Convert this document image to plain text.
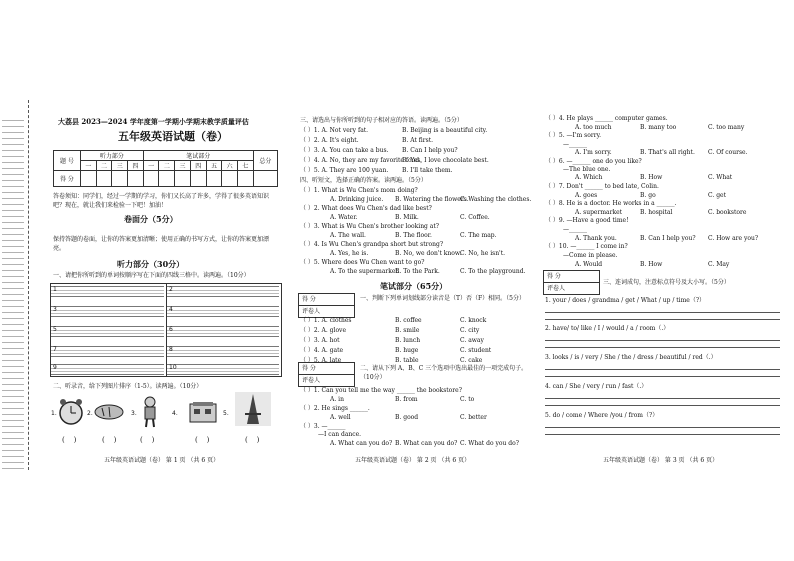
大荔县 2023—2024 学年度第一学期小学期末教学质量评估
五年级英语试题（卷）
题 号	听力部分				笔试部分							总分
	一	二	三	四	一	二	三	四	五	六	七	
得 分												
答卷须知：同学们，经过一学期的学习，你们又长高了许多，学得了很多英语知识吧？现在，就让我们来检验一下吧！加油！
卷面分（5分）
保持答题的卷面，让你的答案更加清晰；使用正确的书写方式，让你的答案更加漂亮。
听力部分（30分）
一、请把你所听到的单词按顺序写在下面的四线三格中。读两遍。（10分）
1	2
3	4
5	6
7	8
9	10
二、听录音，给下列图片排序（1-5）。读两遍。（10分）
1.	2.	3.	4.	5.
(    )	(    )	(    )	(    )	(    )
五年级英语试题（卷） 第 1 页 （共 6 页）
三、请选出与你所听到的句子相对应的答语。读两遍。（5分）
（ ）1. A. Not very fat.	B. Beijing is a beautiful city.
（ ）2. A. It's eight.	B. At first.
（ ）3. A. You can take a bus. B. Can I help you?
（ ）4. A. No, they are my favorite food.
B. Yes, I love chocolate best.
（ ）5. A. They are 100 yuan. B. I'll take them.
四、听短文，选择正确的答案。读两遍。（5分）
（ ）1. What is Wu Chen's mom doing?
A. Drinking juice. B. Watering the flowers.
C. Washing the clothes.
（ ）2. What does Wu Chen's dad like best?
A. Water.	B. Milk.	C. Coffee.
（ ）3. What is Wu Chen's brother looking at?
A. The wall.	B. The floor.	C. The map.
（ ）4. Is Wu Chen's grandpa short but strong?
A. Yes, he is.	B. No, we don't know.
C. No, he isn't.
（ ）5. Where does Wu Chen want to go?
A. To the supermarket.
B. To the Park.	C. To the playground.
笔试部分（65分）
得 分
评卷人
一、判断下列单词划线部分读音是（T）否（F）相同。（5分）
（ ）1. A. clothes	B. coffee	C. knock
（ ）2. A. glove	B. smile	C. city
（ ）3. A. hot	B. lunch	C. away
（ ）4. A. gate	B. huge	C. student
（ ）5. A. late	B. table	C. cake
得 分
评卷人
二、请从下列 A、B、C 三个选项中选出最佳的一项完成句子。（10分）
（ ）1. Can you tell me the way ______ the bookstore?
A. in	B. from	C. to
（ ）2. He sings ______.
A. well	B. good	C. better
（ ）3. —______
—I can dance.
A. What can you do? B. What can you do? C. What do you do?
五年级英语试题（卷） 第 2 页 （共 6 页）
（ ）4. He plays ______ computer games.
A. too much	B. many too	C. too many
（ ）5. —I'm sorry.
—______
A. I'm sorry.	B. That's all right. C. Of course.
（ ）6. —______ one do you like?
—The blue one.
A. Which	B. How	C. What
（ ）7. Don't ______ to bed late, Colin.
A. goes	B. go	C. get
（ ）8. He is a doctor. He works in a ______.
A. supermarket	B. hospital	C. bookstore
（ ）9. —Have a good time!
—______
A. Thank you.	B. Can I help you? C. How are you?
（ ）10. —______ I come in?
—Come in please.
A. Would	B. How	C. May
得 分
评卷人
三、连词成句，注意标点符号及大小写。（5分）
1. your / does / grandma / get / What / up / time（?）
2. have/ to/ like / I / would / a / room（.）
3. looks / is / very / She / the / dress / beautiful / red（.）
4. can / She / very / run / fast（.）
5. do / come / Where /you / from（?）
五年级英语试题（卷） 第 3 页 （共 6 页）
